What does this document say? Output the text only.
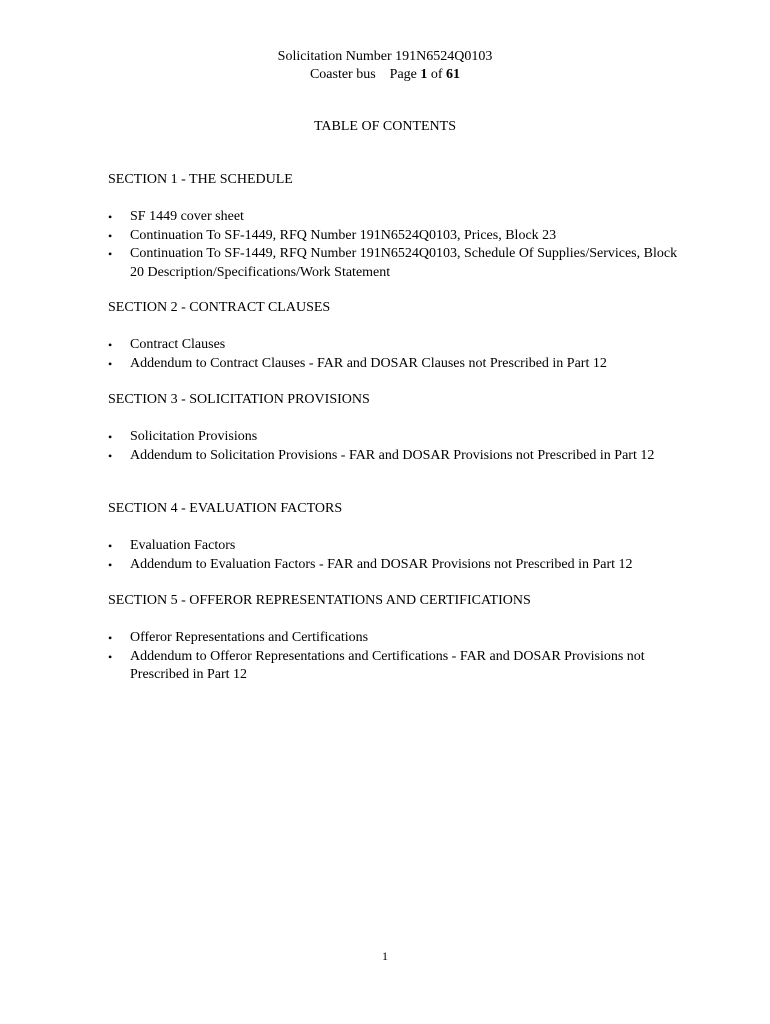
Solicitation Number 191N6524Q0103
Coaster bus Page 1 of 61
TABLE OF CONTENTS
SECTION 1 - THE SCHEDULE
•	SF 1449 cover sheet
•	Continuation To SF-1449, RFQ Number 191N6524Q0103, Prices, Block 23
•	Continuation To SF-1449, RFQ Number 191N6524Q0103, Schedule Of Supplies/Services, Block 20 Description/Specifications/Work Statement
SECTION 2 - CONTRACT CLAUSES
•	Contract Clauses
•	Addendum to Contract Clauses - FAR and DOSAR Clauses not Prescribed in Part 12
SECTION 3 - SOLICITATION PROVISIONS
•	Solicitation Provisions
•	Addendum to Solicitation Provisions - FAR and DOSAR Provisions not Prescribed in Part 12
SECTION 4 - EVALUATION FACTORS
•	Evaluation Factors
•	Addendum to Evaluation Factors - FAR and DOSAR Provisions not Prescribed in Part 12
SECTION 5 - OFFEROR REPRESENTATIONS AND CERTIFICATIONS
•	Offeror Representations and Certifications
•	Addendum to Offeror Representations and Certifications - FAR and DOSAR Provisions not Prescribed in Part 12
1
